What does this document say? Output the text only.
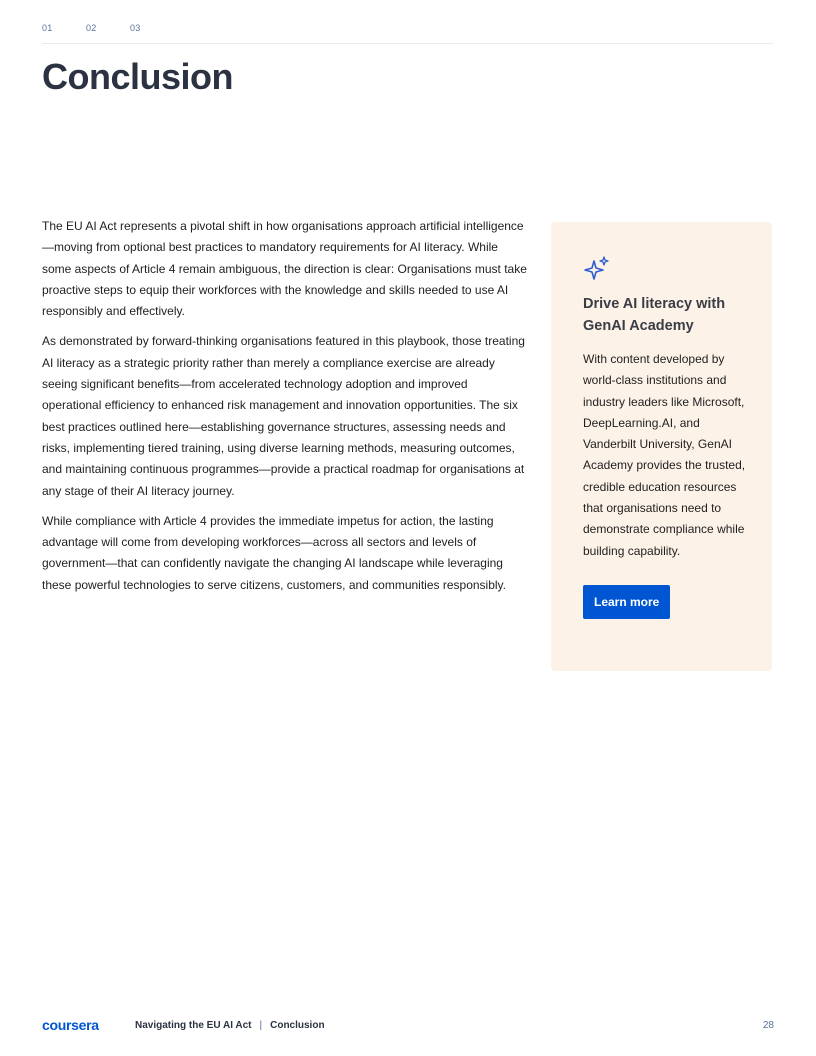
01	02	03
Conclusion

The EU AI Act represents a pivotal shift in how organisations approach artificial intelligence—moving from optional best practices to mandatory requirements for AI literacy. While some aspects of Article 4 remain ambiguous, the direction is clear: Organisations must take proactive steps to equip their workforces with the knowledge and skills needed to use AI responsibly and effectively.

As demonstrated by forward-thinking organisations featured in this playbook, those treating AI literacy as a strategic priority rather than merely a compliance exercise are already seeing significant benefits—from accelerated technology adoption and improved operational efficiency to enhanced risk management and innovation opportunities. The six best practices outlined here—establishing governance structures, assessing needs and risks, implementing tiered training, using diverse learning methods, measuring outcomes, and maintaining continuous programmes—provide a practical roadmap for organisations at any stage of their AI literacy journey.

While compliance with Article 4 provides the immediate impetus for action, the lasting advantage will come from developing workforces—across all sectors and levels of government—that can confidently navigate the changing AI landscape while leveraging these powerful technologies to serve citizens, customers, and communities responsibly.

Drive AI literacy with GenAI Academy

With content developed by world-class institutions and industry leaders like Microsoft, DeepLearning.AI, and Vanderbilt University, GenAI Academy provides the trusted, credible education resources that organisations need to demonstrate compliance while building capability.

Learn more
coursera	Navigating the EU AI Act | Conclusion	28
